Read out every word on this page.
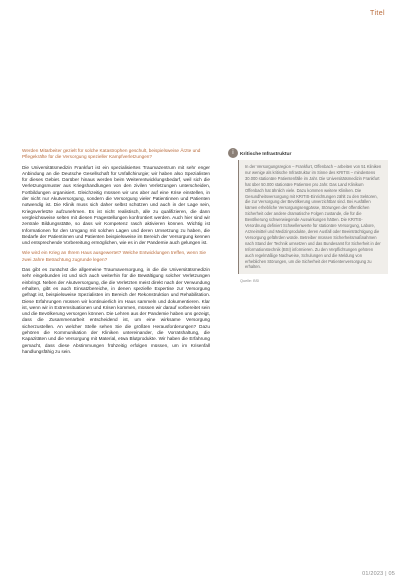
Titel

Werden Mitarbeiter gezielt für solche Katastrophen geschult, beispielsweise Ärzte und Pflegekräfte für die Versorgung spezieller Kampfverletzungen?

Die Universitätsmedizin Frankfurt ist ein spezialisiertes Traumazentrum mit sehr enger Anbindung an die Deutsche Gesellschaft für Unfallchirurgie; wir haben also Spezialisten für dieses Gebiet. Darüber hinaus werden beim Weiterentwicklungsbedarf, weil sich die Verletzungsmuster aus Kriegshandlungen von den zivilen Verletzungen unterscheiden, Fortbildungen organisiert. Gleichzeitig müssen wir uns aber auf eine Krise einstellen, in der nicht nur Akutversorgung, sondern die Versorgung vieler Patientinnen und Patienten notwendig ist. Die Klinik muss sich daher selbst schützen und auch in der Lage sein, Kriegsverletzte aufzunehmen. Es ist nicht realistisch, alle zu qualifizieren, die dann vergleichsweise selten mit diesen Fragestellungen konfrontiert werden. Auch hier sind wir zentrale Bildungsstätte, so dass wir Kompetenz rasch aktivieren können. Wichtig ist Informationen für den Umgang mit solchen Lagen und deren Umsetzung zu haben, die Bedarfe der Patientinnen und Patienten beispielsweise im Bereich der Versorgung kennen und entsprechende Vorbereitung ermöglichen, wie es in der Pandemie auch gelungen ist.

Wie wird ein Krieg an Ihrem Haus ausgewertet? Welche Entwicklungen treffen, wenn Sie zwei Jahre Betrachtung zugrunde legen?

Das gibt es zunächst die allgemeine Traumaversorgung, in die die Universitätsmedizin sehr eingebunden ist und sich auch weiterhin für die Bewältigung solcher Verletzungen einbringt. Neben der Akutversorgung, die die Verletzten meist direkt nach der Verwundung erhalten, gibt es auch Einsatzbereiche, in denen spezielle Expertise zur Versorgung gefragt ist, beispielsweise Spezialisten im Bereich der Rekonstruktion und Rehabilitation. Diese Erfahrungen müssen wir kontinuierlich im Haus sammeln und dokumentieren. Klar ist, wenn wir in Extremsituationen und Krisen kommen, müssen wir darauf vorbereitet sein und die Bevölkerung versorgen können. Die Lehren aus der Pandemie haben uns gezeigt, dass die Zusammenarbeit entscheidend ist, um eine wirksame Versorgung sicherzustellen. An welcher Stelle sehen Sie die größten Herausforderungen? Dazu gehören die Kommunikation der Kliniken untereinander, die Vorratshaltung, die Kapazitäten und die Versorgung mit Material, etwa Blutprodukte. Wir haben die Erfahrung gemacht, dass diese Abstimmungen frühzeitig erfolgen müssen, um im Krisenfall handlungsfähig zu sein.

i	Kritische Infrastruktur
In der Versorgungsregion – Frankfurt, Offenbach – arbeiten von 51 Kliniken nur wenige als kritische Infrastruktur im Sinne des KRITIS – mindestens 30.000 stationäre Patientenfälle im Jahr. Die Universitätsmedizin Frankfurt hat über 50.000 stationäre Patienten pro Jahr. Das Land Klinikum Offenbach hat ähnlich viele. Dazu kommen weitere Kliniken. Die Gesundheitsversorgung mit KRITIS-Einrichtungen zählt zu den Sektoren, die zur Versorgung der Bevölkerung unverzichtbar sind. Bei Ausfällen kämen erhebliche Versorgungsengpässe, Störungen der öffentlichen Sicherheit oder andere dramatische Folgen zustande, die für die Bevölkerung schwerwiegende Auswirkungen hätten. Die KRITIS-Verordnung definiert Schwellenwerte für stationäre Versorgung, Labore, Arzneimittel und Medizinprodukte, deren Ausfall oder Beeinträchtigung die Versorgung gefährden würde. Betreiber müssen Sicherheitsmaßnahmen nach Stand der Technik umsetzen und das Bundesamt für Sicherheit in der Informationstechnik (BSI) informieren. Zu den Verpflichtungen gehören auch regelmäßige Nachweise, Schulungen und die Meldung von erheblichen Störungen, um die Sicherheit der Patientenversorgung zu erhalten.
Quelle: BSI
01/2023 | 05
